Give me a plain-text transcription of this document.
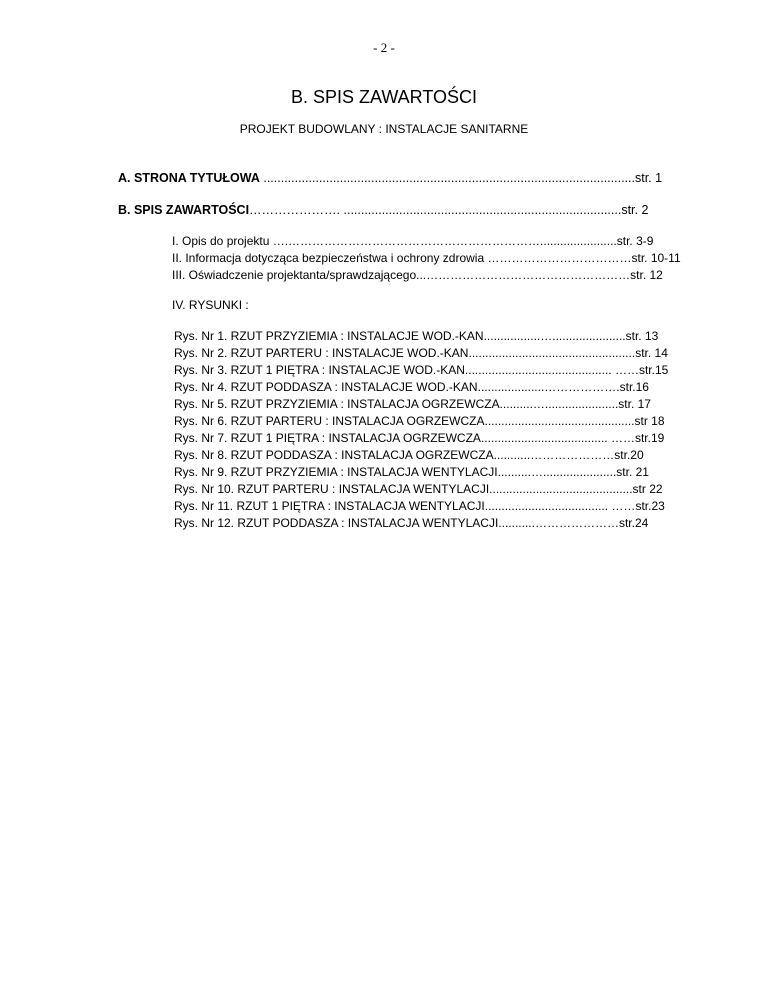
- 2 -
B. SPIS ZAWARTOŚCI
PROJEKT BUDOWLANY : INSTALACJE SANITARNE
A. STRONA TYTUŁOWA ...........................................................................................................str. 1
B. SPIS ZAWARTOŚCI…………………. ................................................................................str. 2
I. Opis do projektu ….……………………………………………………….......................str. 3-9
II. Informacja dotycząca bezpieczeństwa i ochrony zdrowia ………………………………str. 10-11
III. Oświadczenie projektanta/sprawdzającego...……………………………………………str. 12
IV. RYSUNKI :
Rys. Nr 1. RZUT PRZYZIEMIA : INSTALACJE WOD.-KAN.................…......................str. 13
Rys. Nr 2. RZUT PARTERU : INSTALACJE WOD.-KAN..................................................str. 14
Rys. Nr 3. RZUT 1 PIĘTRA : INSTALACJE WOD.-KAN............................................ ……str.15
Rys. Nr 4. RZUT PODDASZA : INSTALACJE WOD.-KAN....................……………….str.16
Rys. Nr 5. RZUT PRZYZIEMIA : INSTALACJA OGRZEWCZA..........…......................str. 17
Rys. Nr 6. RZUT PARTERU : INSTALACJA OGRZEWCZA.............................................str 18
Rys. Nr 7. RZUT 1 PIĘTRA : INSTALACJA OGRZEWCZA...................................... ……str.19
Rys. Nr 8. RZUT PODDASZA : INSTALACJA OGRZEWCZA...........…………………str.20
Rys. Nr 9. RZUT PRZYZIEMIA : INSTALACJA WENTYLACJI..........…......................str. 21
Rys. Nr 10. RZUT PARTERU : INSTALACJA WENTYLACJI...........................................str 22
Rys. Nr 11. RZUT 1 PIĘTRA : INSTALACJA WENTYLACJI..................................... ……str.23
Rys. Nr 12. RZUT PODDASZA : INSTALACJA WENTYLACJI...........…………………str.24
